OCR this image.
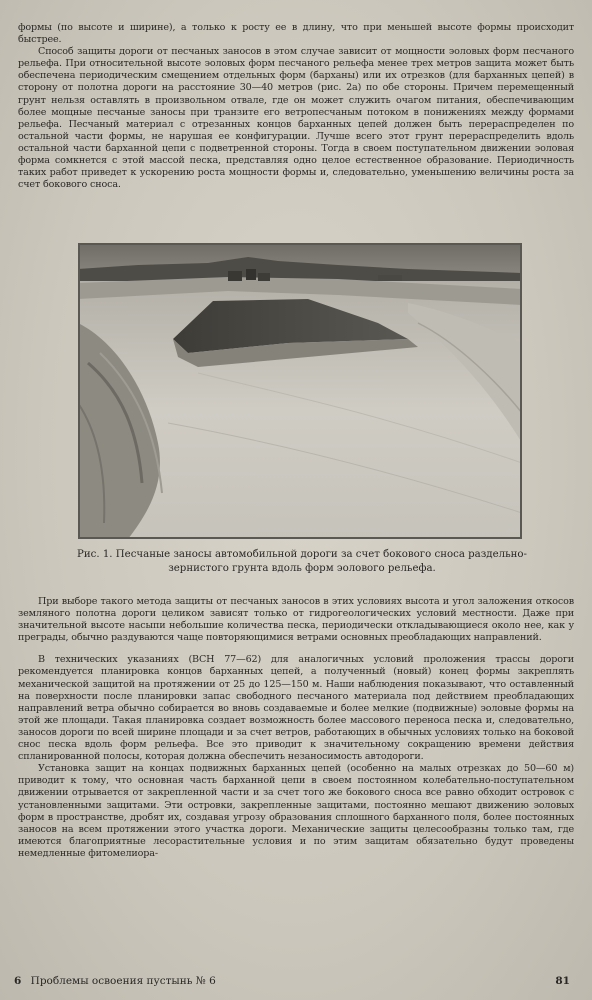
формы (по высоте и ширине), а только к росту ее в длину, что при меньшей высоте формы происходит быстрее.

Способ защиты дороги от песчаных заносов в этом случае зависит от мощности эоловых форм песчаного рельефа. При относительной высоте эоловых форм песчаного рельефа менее трех метров защита может быть обеспечена периодическим смещением отдельных форм (барханы) или их отрезков (для барханных цепей) в сторону от полотна дороги на расстояние 30—40 метров (рис. 2а) по обе стороны. Причем перемещенный грунт нельзя оставлять в произвольном отвале, где он может служить очагом питания, обеспечивающим более мощные песчаные заносы при транзите его ветропесчаным потоком в понижениях между формами рельефа. Песчаный материал с отрезанных концов барханных цепей должен быть перераспределен по остальной части формы, не нарушая ее конфигурации. Лучше всего этот грунт перераспределить вдоль остальной части барханной цепи с подветренной стороны. Тогда в своем поступательном движении эоловая форма сомкнется с этой массой песка, представляя одно целое естественное образование. Периодичность таких работ приведет к ускорению роста мощности формы и, следовательно, уменьшению величины роста за счет бокового сноса.

Рис. 1. Песчаные заносы автомобильной дороги за счет бокового сноса раздельно-зернистого грунта вдоль форм эолового рельефа.

При выборе такого метода защиты от песчаных заносов в этих условиях высота и угол заложения откосов земляного полотна дороги целиком зависят только от гидрогеологических условий местности. Даже при значительной высоте насыпи небольшие количества песка, периодически откладывающиеся около нее, как у преграды, обычно раздуваются чаще повторяющимися ветрами основных преобладающих направлений.

В технических указаниях (ВСН 77—62) для аналогичных условий проложения трассы дороги рекомендуется планировка концов барханных цепей, а полученный (новый) конец формы закреплять механической защитой на протяжении от 25 до 125—150 м. Наши наблюдения показывают, что оставленный на поверхности после планировки запас свободного песчаного материала под действием преобладающих направлений ветра обычно собирается во вновь создаваемые и более мелкие (подвижные) эоловые формы на этой же площади. Такая планировка создает возможность более массового переноса песка и, следовательно, заносов дороги по всей ширине площади и за счет ветров, работающих в обычных условиях только на боковой снос песка вдоль форм рельефа. Все это приводит к значительному сокращению времени действия спланированной полосы, которая должна обеспечить незаносимость автодороги.

Установка защит на концах подвижных барханных цепей (особенно на малых отрезках до 50—60 м) приводит к тому, что основная часть барханной цепи в своем постоянном колебательно-поступательном движении отрывается от закрепленной части и за счет того же бокового сноса все равно обходит островок с установленными защитами. Эти островки, закрепленные защитами, постоянно мешают движению эоловых форм в пространстве, дробят их, создавая угрозу образования сплошного барханного поля, более постоянных заносов на всем протяжении этого участка дороги. Механические защиты целесообразны только там, где имеются благоприятные лесорастительные условия и по этим защитам обязательно будут проведены немедленные фитомелиора-

6 Проблемы освоения пустынь № 6	81
